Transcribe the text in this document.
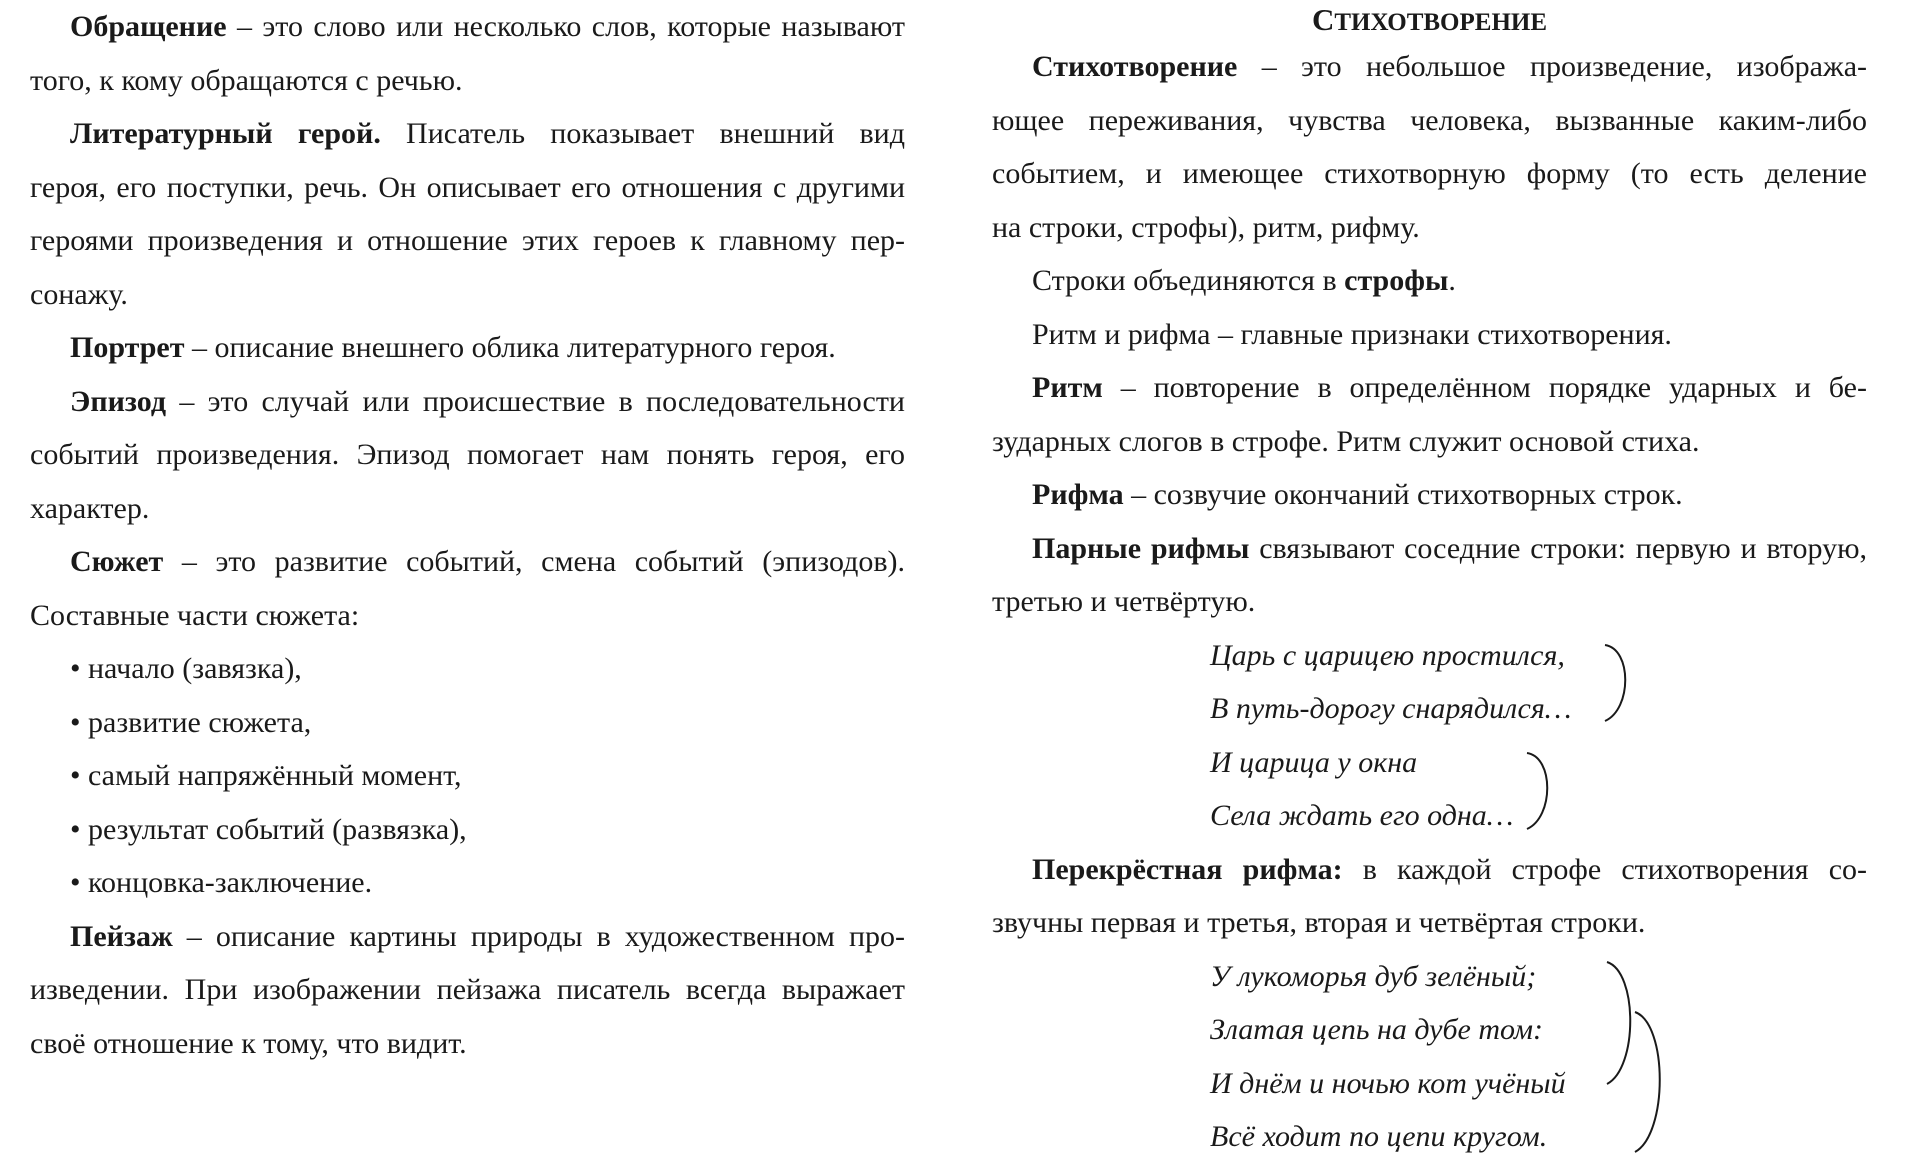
Обращение – это слово или несколько слов, которые называют
того, к кому обращаются с речью.
Литературный герой. Писатель показывает внешний вид
героя, его поступки, речь. Он описывает его отношения с другими
героями произведения и отношение этих героев к главному пер-
сонажу.
Портрет – описание внешнего облика литературного героя.
Эпизод – это случай или происшествие в последовательности
событий произведения. Эпизод помогает нам понять героя, его
характер.
Сюжет – это развитие событий, смена событий (эпизодов).
Составные части сюжета:
• начало (завязка),
• развитие сюжета,
• самый напряжённый момент,
• результат событий (развязка),
• концовка-заключение.
Пейзаж – описание картины природы в художественном про-
изведении. При изображении пейзажа писатель всегда выражает
своё отношение к тому, что видит.
СТИХОТВОРЕНИЕ
Стихотворение – это небольшое произведение, изобража-
ющее переживания, чувства человека, вызванные каким-либо
событием, и имеющее стихотворную форму (то есть деление
на строки, строфы), ритм, рифму.
Строки объединяются в строфы.
Ритм и рифма – главные признаки стихотворения.
Ритм – повторение в определённом порядке ударных и бе-
зударных слогов в строфе. Ритм служит основой стиха.
Рифма – созвучие окончаний стихотворных строк.
Парные рифмы связывают соседние строки: первую и вторую,
третью и четвёртую.
Царь с царицею простился,
В путь-дорогу снарядился…
И царица у окна
Села ждать его одна…
Перекрёстная рифма: в каждой строфе стихотворения со-
звучны первая и третья, вторая и четвёртая строки.
У лукоморья дуб зелёный;
Златая цепь на дубе том:
И днём и ночью кот учёный
Всё ходит по цепи кругом.
